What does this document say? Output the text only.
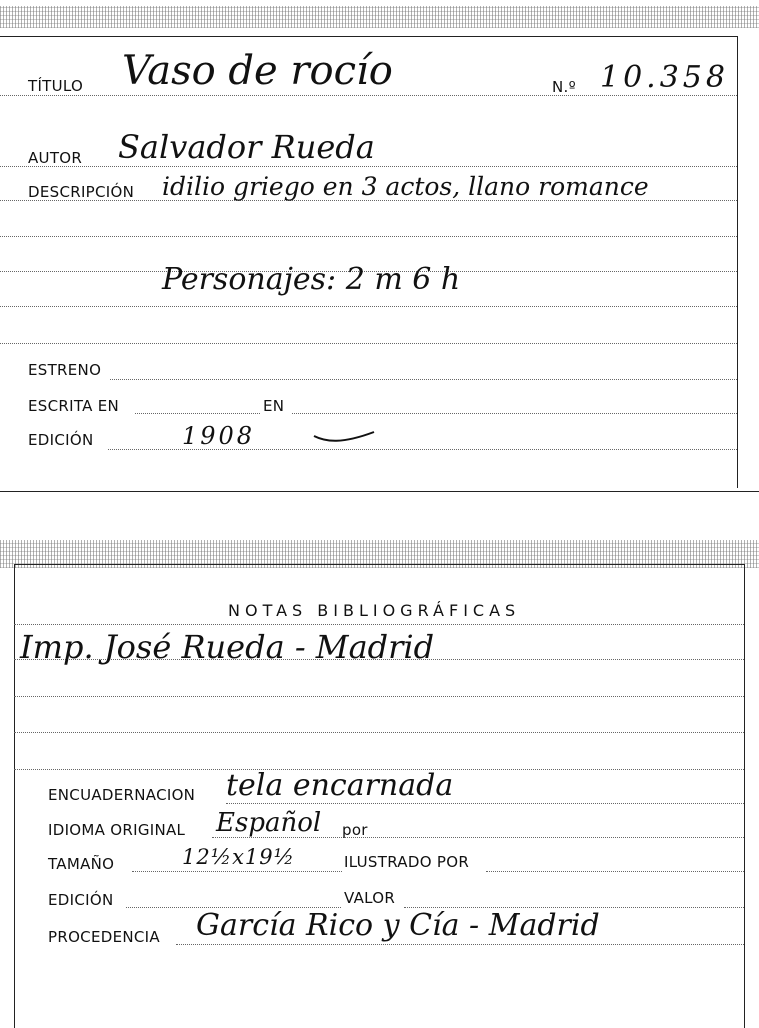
TÍTULO Vaso de rocío	N.º 10.358
AUTOR Salvador Rueda
DESCRIPCIÓN idilio griego en 3 actos, llano romance
Personajes: 2 m 6 h
ESTRENO
ESCRITA EN	EN
EDICIÓN	1908
NOTAS BIBLIOGRÁFICAS
Imp. José Rueda - Madrid
ENCUADERNACION tela encarnada
IDIOMA ORIGINAL Español por
TAMAÑO	12½x19½	ILUSTRADO POR
EDICIÓN	VALOR
PROCEDENCIA García Rico y Cía - Madrid
